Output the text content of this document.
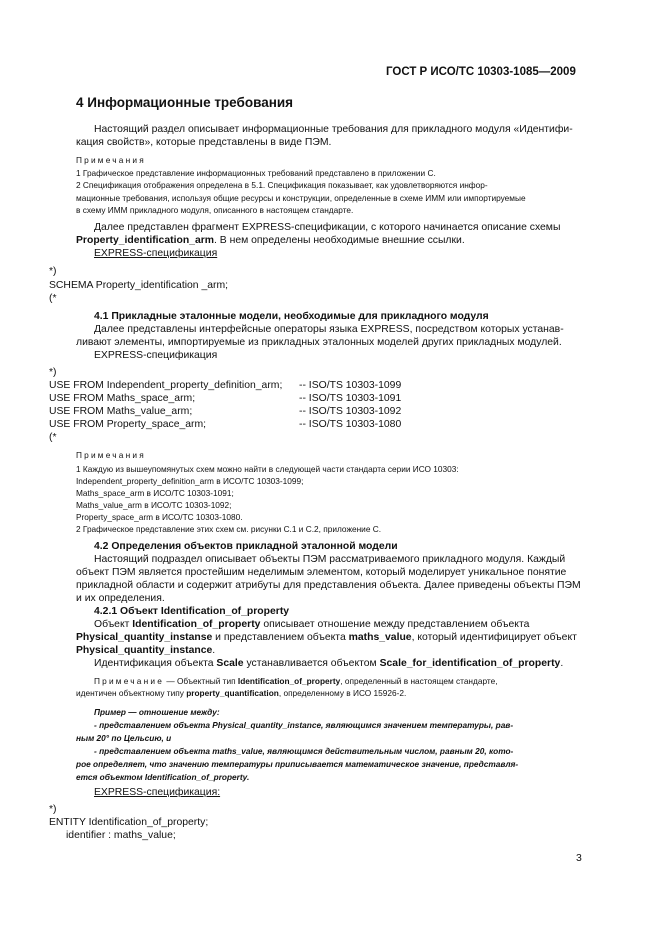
ГОСТ Р ИСО/ТС 10303-1085—2009
4 Информационные требования
Настоящий раздел описывает информационные требования для прикладного модуля «Идентифи-
кация свойств», которые представлены в виде ПЭМ.
Примечания
1 Графическое представление информационных требований представлено в приложении С.
2 Спецификация отображения определена в 5.1. Спецификация показывает, как удовлетворяются инфор-
мационные требования, используя общие ресурсы и конструкции, определенные в схеме ИММ или импортируемые
в схему ИММ прикладного модуля, описанного в настоящем стандарте.
Далее представлен фрагмент EXPRESS-спецификации, с которого начинается описание схемы
Property_identification_arm. В нем определены необходимые внешние ссылки.
EXPRESS-спецификация
*)
SCHEMA Property_identification _arm;
(*
4.1 Прикладные эталонные модели, необходимые для прикладного модуля
Далее представлены интерфейсные операторы языка EXPRESS, посредством которых устанав-
ливают элементы, импортируемые из прикладных эталонных моделей других прикладных модулей.
EXPRESS-спецификация
*)
USE FROM Independent_property_definition_arm; -- ISO/TS 10303-1099
USE FROM Maths_space_arm;	-- ISO/TS 10303-1091
USE FROM Maths_value_arm;	-- ISO/TS 10303-1092
USE FROM Property_space_arm;	-- ISO/TS 10303-1080
(*
Примечания
1 Каждую из вышеупомянутых схем можно найти в следующей части стандарта серии ИСО 10303:
Independent_property_definition_arm в ИСО/ТС 10303-1099;
Maths_space_arm в ИСО/ТС 10303-1091;
Maths_value_arm в ИСО/ТС 10303-1092;
Property_space_arm в ИСО/ТС 10303-1080.
2 Графическое представление этих схем см. рисунки С.1 и С.2, приложение С.
4.2 Определения объектов прикладной эталонной модели
Настоящий подраздел описывает объекты ПЭМ рассматриваемого прикладного модуля. Каждый
объект ПЭМ является простейшим неделимым элементом, который моделирует уникальное понятие
прикладной области и содержит атрибуты для представления объекта. Далее приведены объекты ПЭМ
и их определения.
4.2.1 Объект Identification_of_property
Объект Identification_of_property описывает отношение между представлением объекта
Physical_quantity_instanse и представлением объекта maths_value, который идентифицирует объект
Physical_quantity_instance.
Идентификация объекта Scale устанавливается объектом Scale_for_identification_of_property.
Примечание — Объектный тип Identification_of_property, определенный в настоящем стандарте,
идентичен объектному типу property_quantification, определенному в ИСО 15926-2.
Пример — отношение между:
- представлением объекта Physical_quantity_instance, являющимся значением температуры, рав-
ным 20° по Цельсию, и
- представлением объекта maths_value, являющимся действительным числом, равным 20, кото-
рое определяет, что значению температуры приписывается математическое значение, представля-
ется объектом Identification_of_property.
EXPRESS-спецификация:
*)
ENTITY Identification_of_property;
identifier : maths_value;
3
